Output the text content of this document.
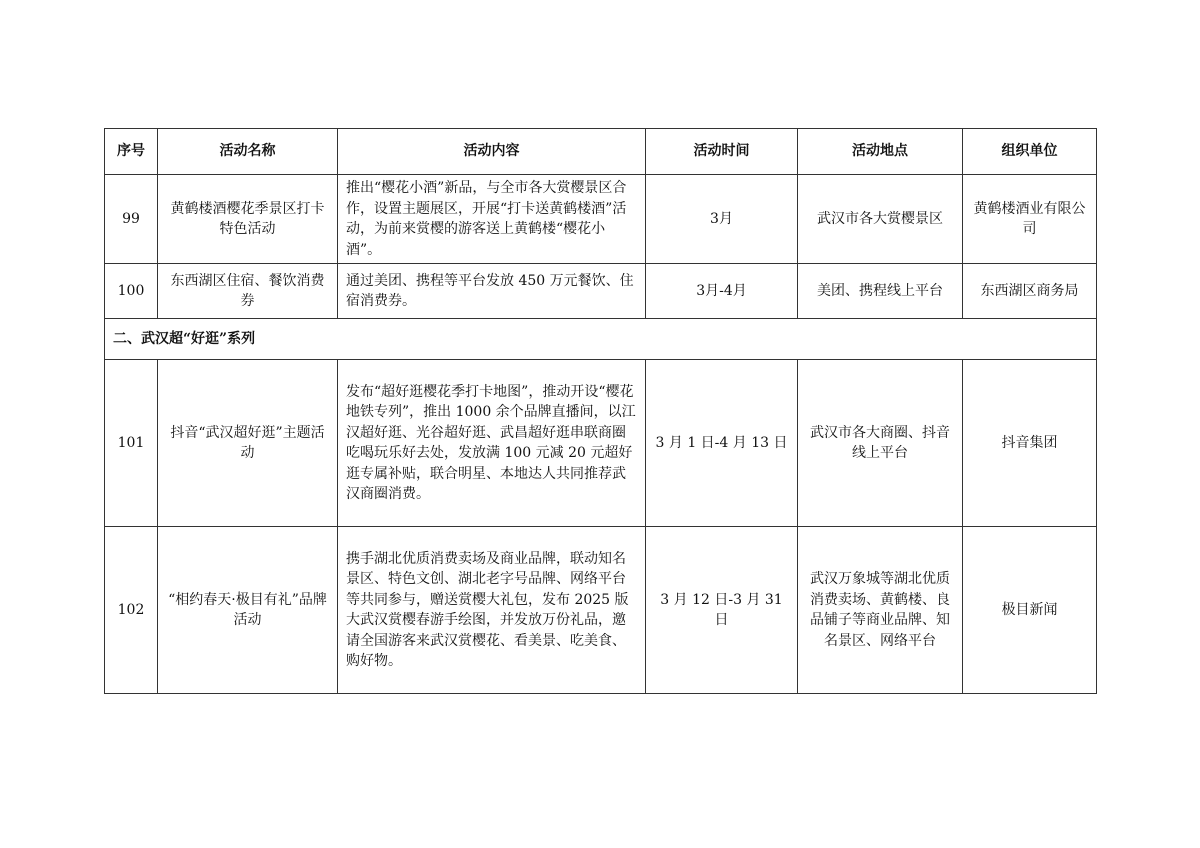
序号	活动名称	活动内容	活动时间	活动地点	组织单位
99	黄鹤楼酒樱花季景区打卡特色活动	推出“樱花小酒”新品，与全市各大赏樱景区合作，设置主题展区，开展“打卡送黄鹤楼酒”活动，为前来赏樱的游客送上黄鹤楼“樱花小酒”。	3月	武汉市各大赏樱景区	黄鹤楼酒业有限公司
100	东西湖区住宿、餐饮消费券	通过美团、携程等平台发放 450 万元餐饮、住宿消费券。	3月-4月	美团、携程线上平台	东西湖区商务局
二、武汉超“好逛”系列					
101	抖音“武汉超好逛”主题活动	发布“超好逛樱花季打卡地图”，推动开设“樱花地铁专列”，推出 1000 余个品牌直播间，以江汉超好逛、光谷超好逛、武昌超好逛串联商圈吃喝玩乐好去处，发放满 100 元减 20 元超好逛专属补贴，联合明星、本地达人共同推荐武汉商圈消费。	3 月 1 日-4 月 13 日	武汉市各大商圈、抖音线上平台	抖音集团
102	“相约春天·极目有礼”品牌活动	携手湖北优质消费卖场及商业品牌，联动知名景区、特色文创、湖北老字号品牌、网络平台等共同参与，赠送赏樱大礼包，发布 2025 版大武汉赏樱春游手绘图，并发放万份礼品，邀请全国游客来武汉赏樱花、看美景、吃美食、购好物。	3 月 12 日-3 月 31 日	武汉万象城等湖北优质消费卖场、黄鹤楼、良品铺子等商业品牌、知名景区、网络平台	极目新闻
